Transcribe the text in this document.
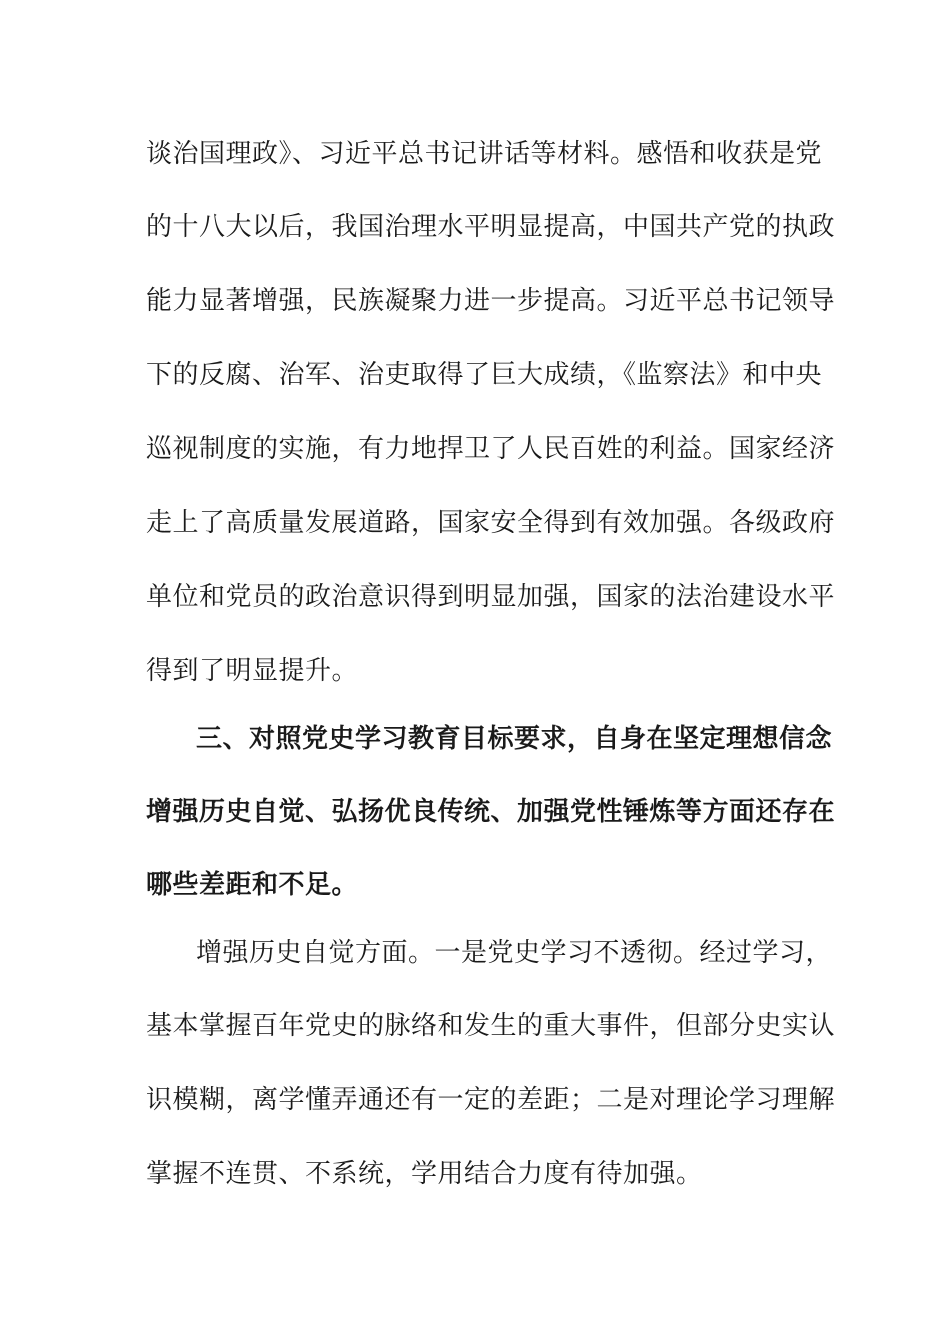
谈治国理政》、习近平总书记讲话等材料。感悟和收获是党
的十八大以后，我国治理水平明显提高，中国共产党的执政
能力显著增强，民族凝聚力进一步提高。习近平总书记领导
下的反腐、治军、治吏取得了巨大成绩，《监察法》和中央
巡视制度的实施，有力地捍卫了人民百姓的利益。国家经济
走上了高质量发展道路，国家安全得到有效加强。各级政府
单位和党员的政治意识得到明显加强，国家的法治建设水平
得到了明显提升。
三、对照党史学习教育目标要求，自身在坚定理想信念
增强历史自觉、弘扬优良传统、加强党性锤炼等方面还存在
哪些差距和不足。
增强历史自觉方面。一是党史学习不透彻。经过学习，
基本掌握百年党史的脉络和发生的重大事件，但部分史实认
识模糊，离学懂弄通还有一定的差距；二是对理论学习理解
掌握不连贯、不系统，学用结合力度有待加强。
